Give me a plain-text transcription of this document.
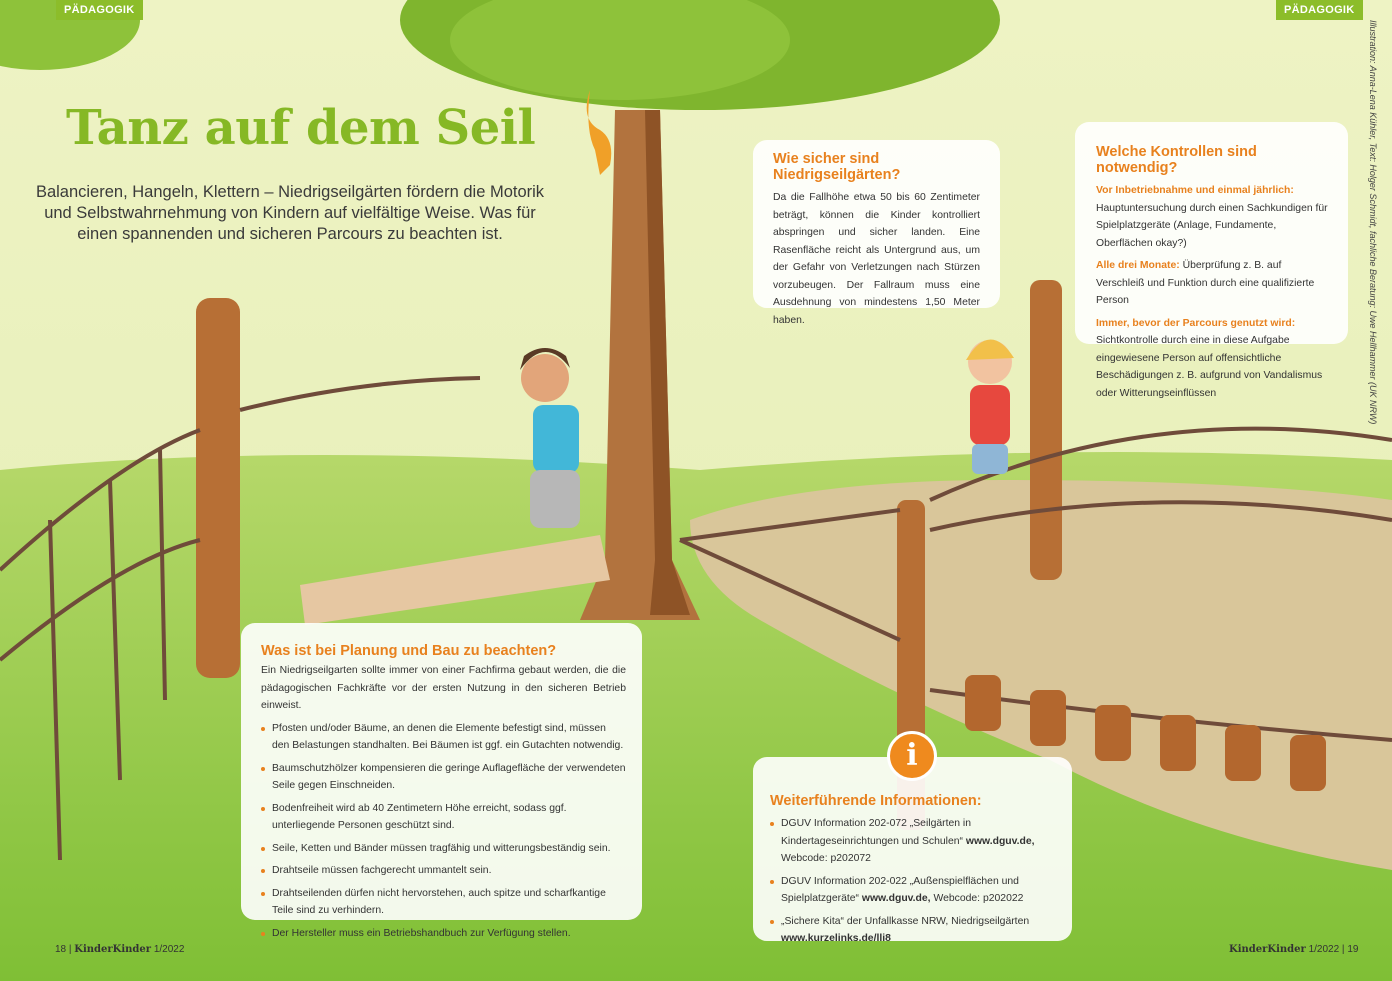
PÄDAGOGIK	PÄDAGOGIK
Illustration: Anna-Lena Kühler, Text: Holger Schmidt, fachliche Beratung: Uwe Hellhammer (UK NRW)
Tanz auf dem Seil

Balancieren, Hangeln, Klettern – Niedrigseilgärten fördern die Motorik und Selbstwahrnehmung von Kindern auf vielfältige Weise. Was für einen spannenden und sicheren Parcours zu beachten ist.

Wie sicher sind Niedrigseilgärten?

Da die Fallhöhe etwa 50 bis 60 Zentimeter beträgt, können die Kinder kontrolliert abspringen und sicher landen. Eine Rasenfläche reicht als Untergrund aus, um der Gefahr von Verletzungen nach Stürzen vorzubeugen. Der Fallraum muss eine Ausdehnung von mindestens 1,50 Meter haben.

Welche Kontrollen sind notwendig?

Vor Inbetriebnahme und einmal jährlich: Hauptuntersuchung durch einen Sachkundigen für Spielplatzgeräte (Anlage, Fundamente, Oberflächen okay?)

Alle drei Monate: Überprüfung z. B. auf Verschleiß und Funktion durch eine qualifizierte Person

Immer, bevor der Parcours genutzt wird: Sichtkontrolle durch eine in diese Aufgabe eingewiesene Person auf offensichtliche Beschädigungen z. B. aufgrund von Vandalismus oder Witterungseinflüssen

Was ist bei Planung und Bau zu beachten?

Ein Niedrigseilgarten sollte immer von einer Fachfirma gebaut werden, die die pädagogischen Fachkräfte vor der ersten Nutzung in den sicheren Betrieb einweist.

Pfosten und/oder Bäume, an denen die Elemente befestigt sind, müssen den Belastungen standhalten. Bei Bäumen ist ggf. ein Gutachten notwendig.
Baumschutzhölzer kompensieren die geringe Auflagefläche der verwendeten Seile gegen Einschneiden.
Bodenfreiheit wird ab 40 Zentimetern Höhe erreicht, sodass ggf. unterliegende Personen geschützt sind.
Seile, Ketten und Bänder müssen tragfähig und witterungsbeständig sein.
Drahtseile müssen fachgerecht ummantelt sein.
Drahtseilenden dürfen nicht hervorstehen, auch spitze und scharfkantige Teile sind zu verhindern.
Der Hersteller muss ein Betriebshandbuch zur Verfügung stellen.
Weiterführende Informationen:
DGUV Information 202-072 „Seilgärten in Kindertageseinrichtungen und Schulen“ www.dguv.de, Webcode: p202072
DGUV Information 202-022 „Außenspielflächen und Spielplatzgeräte“ www.dguv.de, Webcode: p202022
„Sichere Kita“ der Unfallkasse NRW, Niedrigseilgärten www.kurzelinks.de/lli8
i
18 | KinderKinder 1/2022	KinderKinder 1/2022 | 19
